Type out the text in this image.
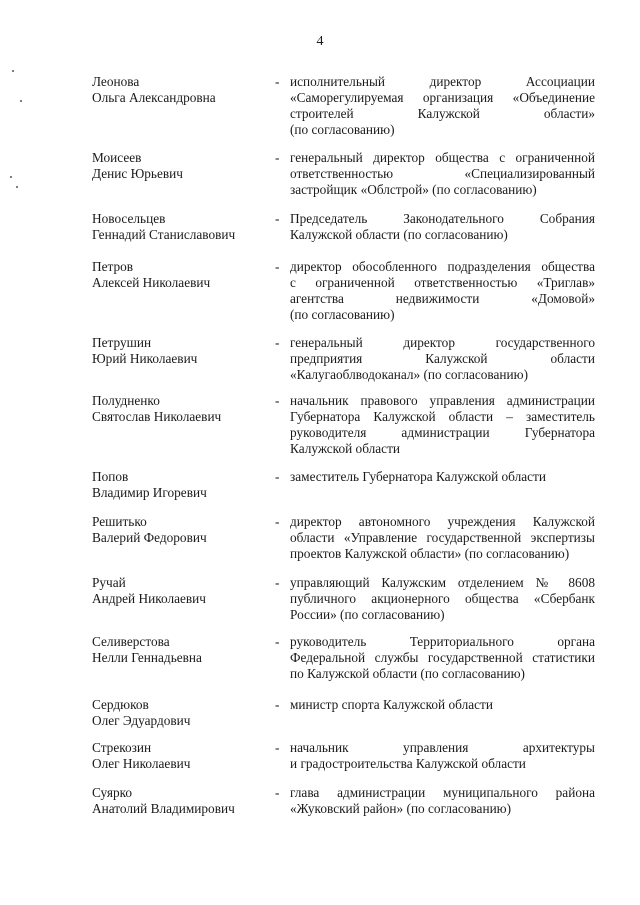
4
Леонова
Ольга Александровна
- исполнительный директор Ассоциации
«Саморегулируемая организация «Объединение
строителей Калужской области»
(по согласованию)
Моисеев
Денис Юрьевич
- генеральный директор общества с ограниченной
ответственностью «Специализированный
застройщик «Облстрой» (по согласованию)
Новосельцев
Геннадий Станиславович
- Председатель Законодательного Собрания
Калужской области (по согласованию)
Петров
Алексей Николаевич
- директор обособленного подразделения общества
с ограниченной ответственностью «Триглав»
агентства недвижимости «Домовой»
(по согласованию)
Петрушин
Юрий Николаевич
- генеральный директор государственного
предприятия Калужской области
«Калугаоблводоканал» (по согласованию)
Полудненко
Святослав Николаевич
- начальник правового управления администрации
Губернатора Калужской области – заместитель
руководителя администрации Губернатора
Калужской области
Попов
Владимир Игоревич
- заместитель Губернатора Калужской области
Решитько
Валерий Федорович
- директор автономного учреждения Калужской
области «Управление государственной экспертизы
проектов Калужской области» (по согласованию)
Ручай
Андрей Николаевич
- управляющий Калужским отделением № 8608
публичного акционерного общества «Сбербанк
России» (по согласованию)
Селиверстова
Нелли Геннадьевна
- руководитель Территориального органа
Федеральной службы государственной статистики
по Калужской области (по согласованию)
Сердюков
Олег Эдуардович
- министр спорта Калужской области
Стрекозин
Олег Николаевич
- начальник управления архитектуры
и градостроительства Калужской области
Суярко
Анатолий Владимирович
- глава администрации муниципального района
«Жуковский район» (по согласованию)
